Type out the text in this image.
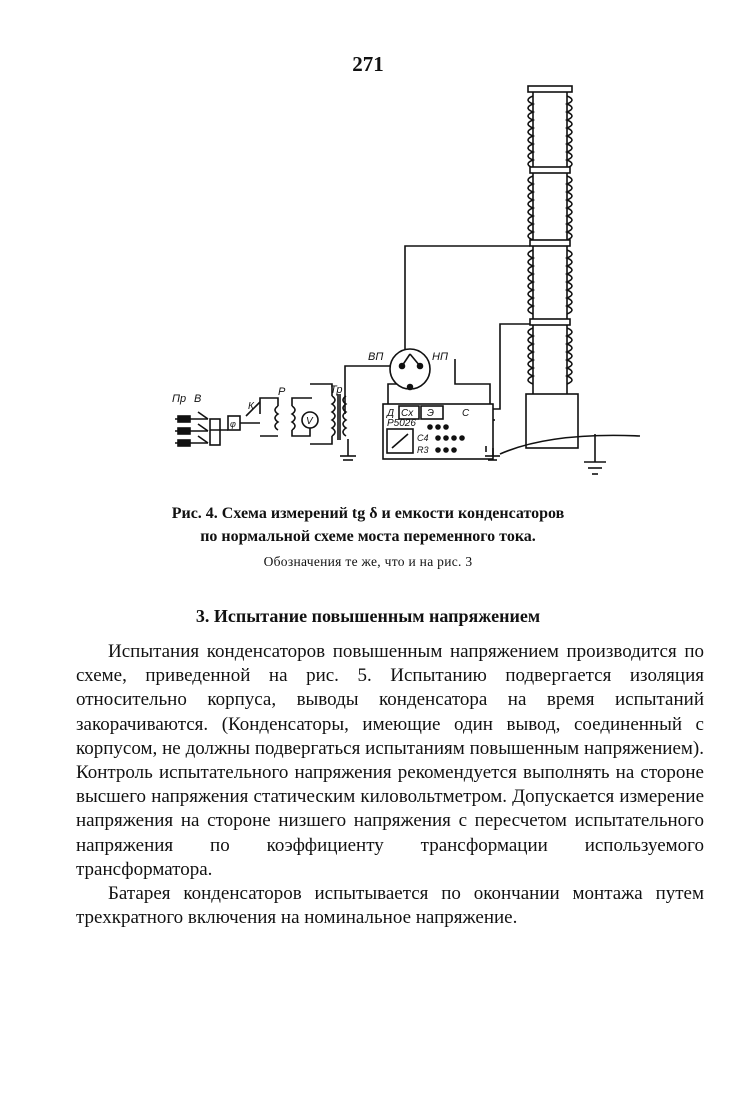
271
ВП	НП
Д Сх Э	С
Р5026
С4
R3
Тр
Р
V
К
φ
Пр В
Рис. 4. Схема измерений tg δ и емкости конденсаторов
по нормальной схеме моста переменного тока.
Обозначения те же, что и на рис. 3
3. Испытание повышенным напряжением

Испытания конденсаторов повышенным напряжением производится по схеме, приведенной на рис. 5. Испытанию подвергается изоляция относительно корпуса, выводы конденсатора на время испытаний закорачиваются. (Конденсаторы, имеющие один вывод, соединенный с корпусом, не должны подвергаться испытаниям повышенным напряжением). Контроль испытательного напряжения рекомендуется выполнять на стороне высшего напряжения статическим киловольтметром. Допускается измерение напряжения на стороне низшего напряжения с пересчетом испытательного напряжения по коэффициенту трансформации используемого трансформатора.

Батарея конденсаторов испытывается по окончании монтажа путем трехкратного включения на номинальное напряжение.
